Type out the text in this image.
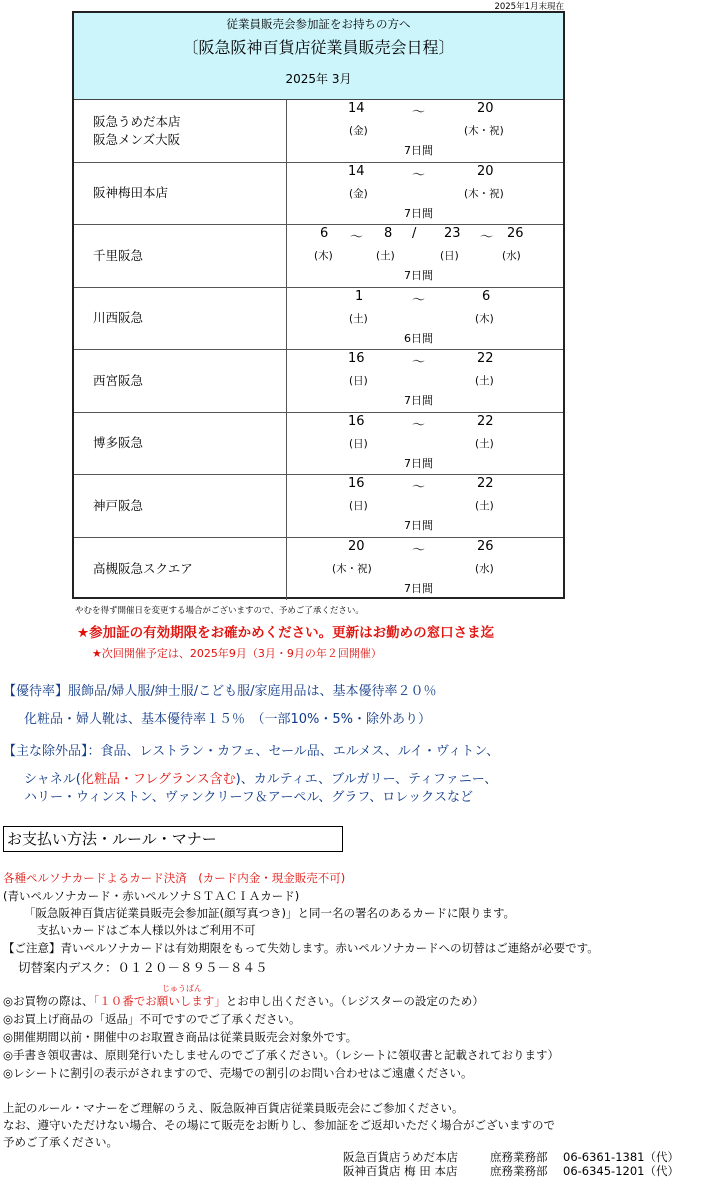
2025年1月末現在
従業員販売会参加証をお持ちの方へ
〔阪急阪神百貨店従業員販売会日程〕
2025年 3月
阪急うめだ本店
阪急メンズ大阪
14	～	20
(金)	(木・祝)
7日間
阪神梅田本店
14	～	20
(金)	(木・祝)
7日間
千里阪急
6 ～ 8 / 23 ～ 26
(木)	(土)	(日)	(水)
7日間
川西阪急
1	～	6
(土)	(木)
6日間
西宮阪急
16	～	22
(日)	(土)
7日間
博多阪急
16	～	22
(日)	(土)
7日間
神戸阪急
16	～	22
(日)	(土)
7日間
高槻阪急スクエア
20	～	26
(木・祝)	(水)
7日間
やむを得ず開催日を変更する場合がございますので、予めご了承ください。
★参加証の有効期限をお確かめください。更新はお勤めの窓口さま迄
★次回開催予定は、2025年9月（3月・9月の年２回開催）
【優待率】服飾品/婦人服/紳士服/こども服/家庭用品は、基本優待率２０％
化粧品・婦人靴は、基本優待率１５％　（一部10%・5%・除外あり）
【主な除外品】：食品、レストラン・カフェ、セール品、エルメス、ルイ・ヴィトン、
シャネル(化粧品・フレグランス含む)、カルティエ、ブルガリー、ティファニー、
ハリー・ウィンストン、ヴァンクリーフ＆アーペル、グラフ、ロレックスなど
お支払い方法・ルール・マナー
各種ペルソナカードよるカード決済　(カード内金・現金販売不可)
(青いペルソナカード・赤いペルソナＳＴＡＣＩＡカード)
「阪急阪神百貨店従業員販売会参加証(顔写真つき)」と同一名の署名のあるカードに限ります。
支払いカードはご本人様以外はご利用不可
【ご注意】青いペルソナカードは有効期限をもって失効します。赤いペルソナカードへの切替はご連絡が必要です。
切替案内デスク：０１２０－８９５－８４５
じゅうばん
◎お買物の際は、「１０番でお願いします」とお申し出ください。（レジスターの設定のため）
◎お買上げ商品の「返品」不可ですのでご了承ください。
◎開催期間以前・開催中のお取置き商品は従業員販売会対象外です。
◎手書き領収書は、原則発行いたしませんのでご了承ください。（レシートに領収書と記載されております）
◎レシートに割引の表示がされますので、売場での割引のお問い合わせはご遠慮ください。
上記のルール・マナーをご理解のうえ、阪急阪神百貨店従業員販売会にご参加ください。
なお、遵守いただけない場合、その場にて販売をお断りし、参加証をご返却いただく場合がございますので
予めご了承ください。
阪急百貨店うめだ本店	庶務業務部 06-6361-1381（代）
阪神百貨店 梅 田 本店	庶務業務部 06-6345-1201（代）
